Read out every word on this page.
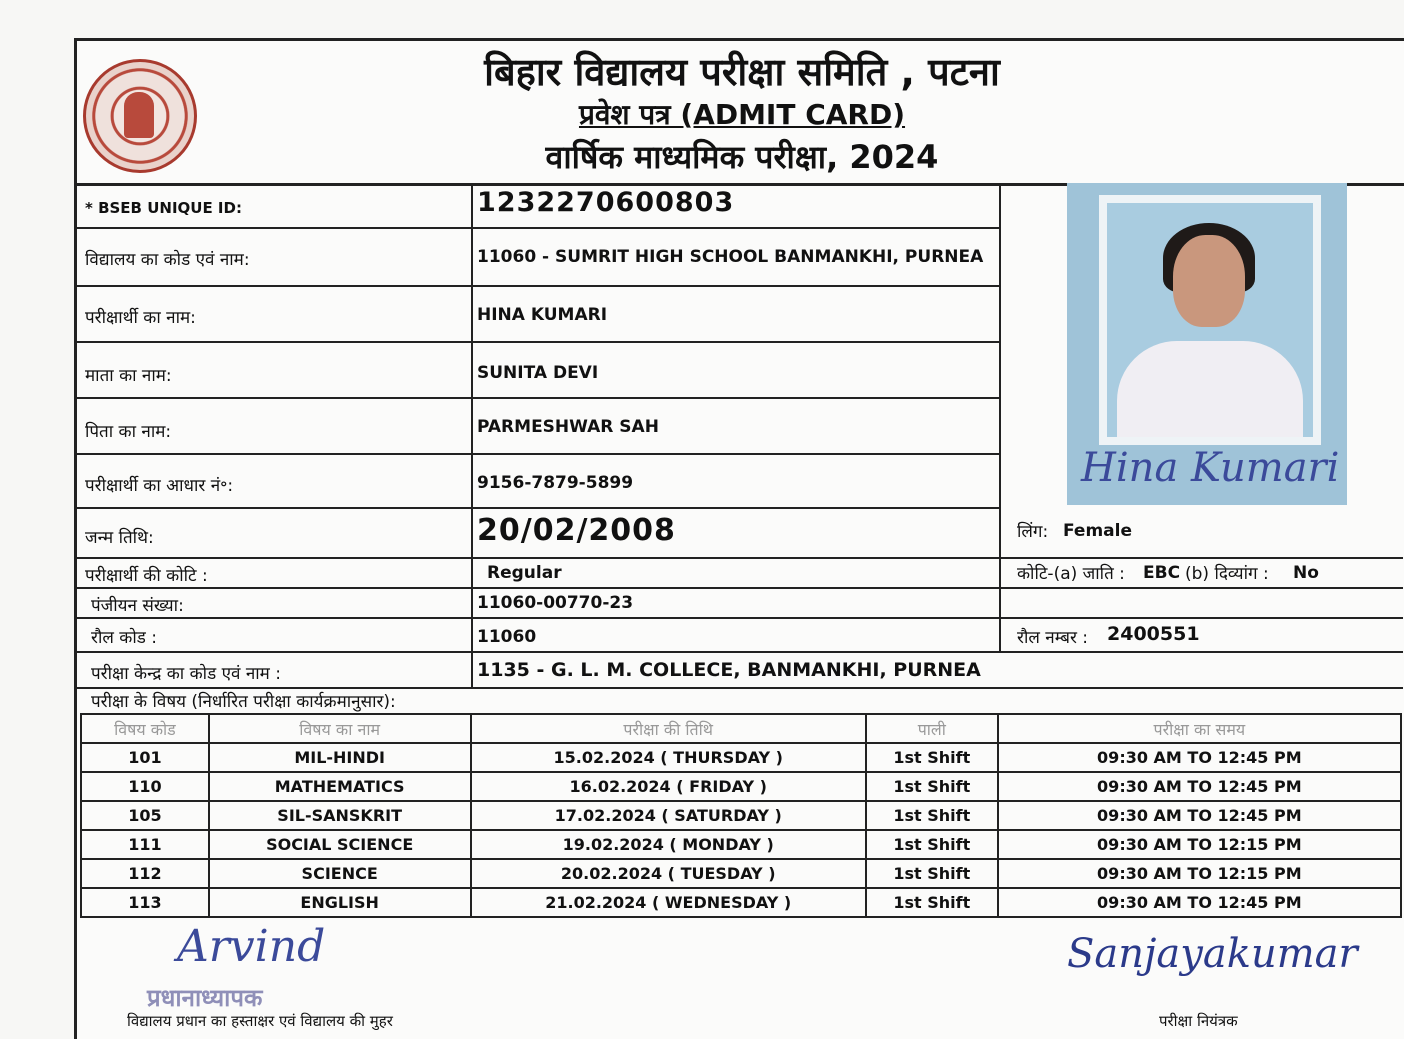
बिहार विद्यालय परीक्षा समिति , पटना
प्रवेश पत्र (ADMIT CARD)
वार्षिक माध्यमिक परीक्षा, 2024
* BSEB UNIQUE ID:	1232270600803
विद्यालय का कोड एवं नाम:	11060 - SUMRIT HIGH SCHOOL BANMANKHI, PURNEA
परीक्षार्थी का नाम:	HINA KUMARI
माता का नाम:	SUNITA DEVI
पिता का नाम:	PARMESHWAR SAH
परीक्षार्थी का आधार नं॰:	9156-7879-5899	Hina Kumari
जन्म तिथि:	20/02/2008	लिंग: Female
परीक्षार्थी की कोटि :	Regular	कोटि-(a) जाति : EBC (b) दिव्यांग : No
पंजीयन संख्या:	11060-00770-23
रौल कोड :	11060	रौल नम्बर : 2400551
परीक्षा केन्द्र का कोड एवं नाम :	1135 - G. L. M. COLLECE, BANMANKHI, PURNEA
परीक्षा के विषय (निर्धारित परीक्षा कार्यक्रमानुसार):
विषय कोड	विषय का नाम	परीक्षा की तिथि	पाली	परीक्षा का समय
101	MIL-HINDI	15.02.2024 ( THURSDAY )	1st Shift	09:30 AM TO 12:45 PM
110	MATHEMATICS	16.02.2024 ( FRIDAY )	1st Shift	09:30 AM TO 12:45 PM
105	SIL-SANSKRIT	17.02.2024 ( SATURDAY )	1st Shift	09:30 AM TO 12:45 PM
111	SOCIAL SCIENCE	19.02.2024 ( MONDAY )	1st Shift	09:30 AM TO 12:15 PM
112	SCIENCE	20.02.2024 ( TUESDAY )	1st Shift	09:30 AM TO 12:15 PM
113	ENGLISH	21.02.2024 ( WEDNESDAY )	1st Shift	09:30 AM TO 12:45 PM
Arvind
प्रधानाध्यापक
विद्यालय प्रधान का हस्ताक्षर एवं विद्यालय की मुहर
Sanjayakumar
परीक्षा नियंत्रक
